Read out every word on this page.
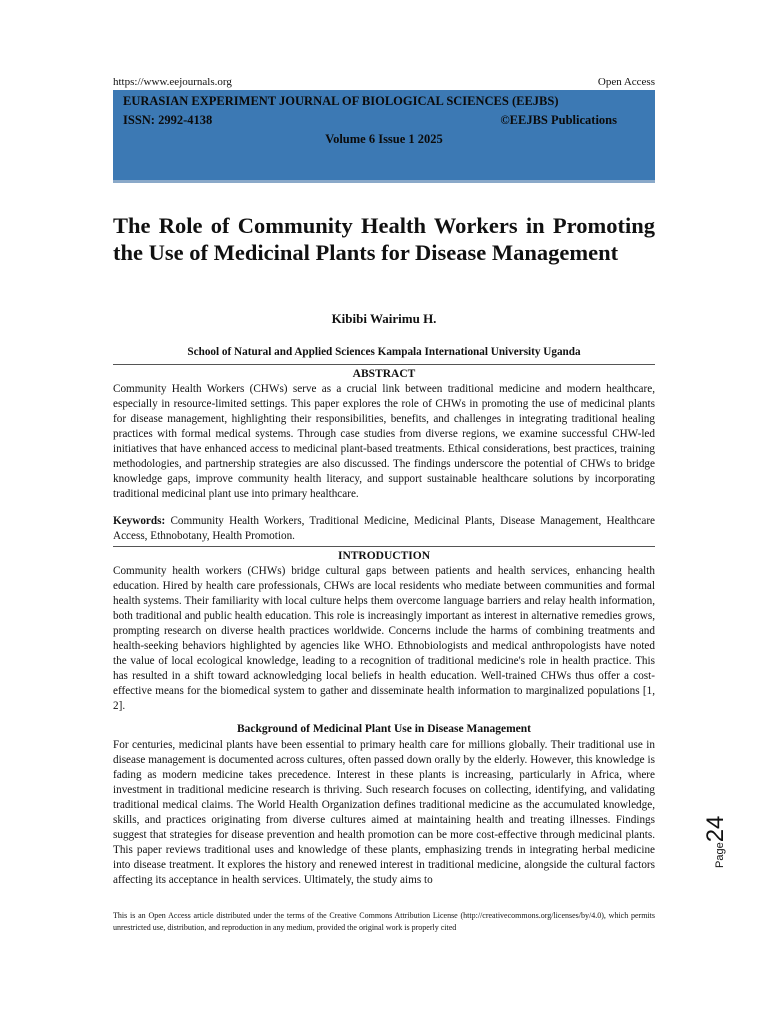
https://www.eejournals.org	Open Access
EURASIAN EXPERIMENT JOURNAL OF BIOLOGICAL SCIENCES (EEJBS)
ISSN: 2992-4138	©EEJBS Publications
Volume 6 Issue 1 2025
The Role of Community Health Workers in Promoting the Use of Medicinal Plants for Disease Management
Kibibi Wairimu H.
School of Natural and Applied Sciences Kampala International University Uganda
ABSTRACT

Community Health Workers (CHWs) serve as a crucial link between traditional medicine and modern healthcare, especially in resource-limited settings. This paper explores the role of CHWs in promoting the use of medicinal plants for disease management, highlighting their responsibilities, benefits, and challenges in integrating traditional healing practices with formal medical systems. Through case studies from diverse regions, we examine successful CHW-led initiatives that have enhanced access to medicinal plant-based treatments. Ethical considerations, best practices, training methodologies, and partnership strategies are also discussed. The findings underscore the potential of CHWs to bridge knowledge gaps, improve community health literacy, and support sustainable healthcare solutions by incorporating traditional medicinal plant use into primary healthcare.

Keywords: Community Health Workers, Traditional Medicine, Medicinal Plants, Disease Management, Healthcare Access, Ethnobotany, Health Promotion.

INTRODUCTION

Community health workers (CHWs) bridge cultural gaps between patients and health services, enhancing health education. Hired by health care professionals, CHWs are local residents who mediate between communities and formal health systems. Their familiarity with local culture helps them overcome language barriers and relay health information, both traditional and public health education. This role is increasingly important as interest in alternative remedies grows, prompting research on diverse health practices worldwide. Concerns include the harms of combining treatments and health-seeking behaviors highlighted by agencies like WHO. Ethnobiologists and medical anthropologists have noted the value of local ecological knowledge, leading to a recognition of traditional medicine's role in health practice. This has resulted in a shift toward acknowledging local beliefs in health education. Well-trained CHWs thus offer a cost-effective means for the biomedical system to gather and disseminate health information to marginalized populations [1, 2].

Background of Medicinal Plant Use in Disease Management

For centuries, medicinal plants have been essential to primary health care for millions globally. Their traditional use in disease management is documented across cultures, often passed down orally by the elderly. However, this knowledge is fading as modern medicine takes precedence. Interest in these plants is increasing, particularly in Africa, where investment in traditional medicine research is thriving. Such research focuses on collecting, identifying, and validating traditional medical claims. The World Health Organization defines traditional medicine as the accumulated knowledge, skills, and practices originating from diverse cultures aimed at maintaining health and treating illnesses. Findings suggest that strategies for disease prevention and health promotion can be more cost-effective through medicinal plants. This paper reviews traditional uses and knowledge of these plants, emphasizing trends in integrating herbal medicine into disease treatment. It explores the history and renewed interest in traditional medicine, alongside the cultural factors affecting its acceptance in health services. Ultimately, the study aims to

This is an Open Access article distributed under the terms of the Creative Commons Attribution License (http://creativecommons.org/licenses/by/4.0), which permits unrestricted use, distribution, and reproduction in any medium, provided the original work is properly cited
Page24
